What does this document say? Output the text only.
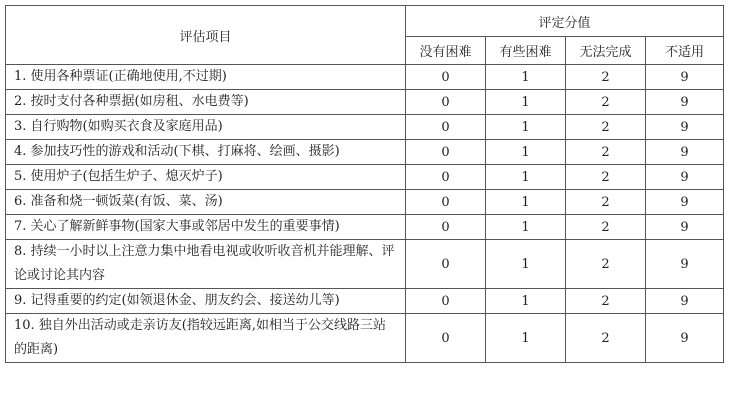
评估项目	评定分值			
	没有困难	有些困难	无法完成	不适用
1. 使用各种票证(正确地使用,不过期)	0	1	2	9
2. 按时支付各种票据(如房租、水电费等)	0	1	2	9
3. 自行购物(如购买衣食及家庭用品)	0	1	2	9
4. 参加技巧性的游戏和活动(下棋、打麻将、绘画、摄影)	0	1	2	9
5. 使用炉子(包括生炉子、熄灭炉子)	0	1	2	9
6. 准备和烧一顿饭菜(有饭、菜、汤)	0	1	2	9
7. 关心了解新鲜事物(国家大事或邻居中发生的重要事情)	0	1	2	9
8. 持续一小时以上注意力集中地看电视或收听收音机并能理解、评论或讨论其内容	0	1	2	9
9. 记得重要的约定(如领退休金、朋友约会、接送幼儿等)	0	1	2	9
10. 独自外出活动或走亲访友(指较远距离,如相当于公交线路三站的距离)	0	1	2	9
